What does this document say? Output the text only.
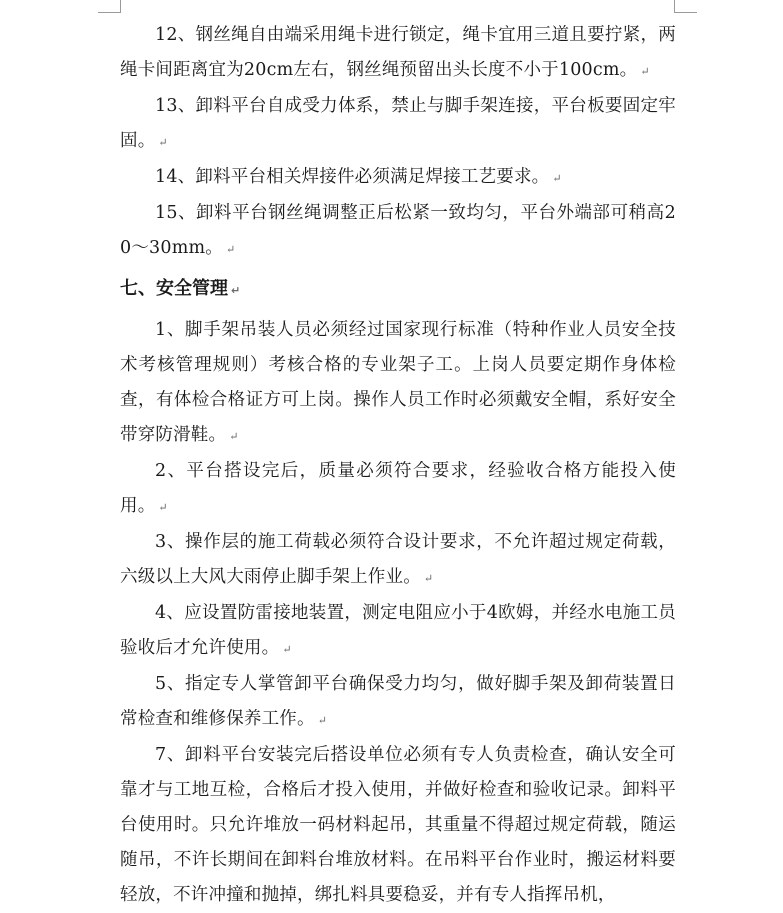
12、钢丝绳自由端采用绳卡进行锁定，绳卡宜用三道且要拧紧，两绳卡间距离宜为20cm左右，钢丝绳预留出头长度不小于100cm。 ↵

13、卸料平台自成受力体系，禁止与脚手架连接，平台板要固定牢固。 ↵

14、卸料平台相关焊接件必须满足焊接工艺要求。 ↵

15、卸料平台钢丝绳调整正后松紧一致均匀，平台外端部可稍高20～30mm。 ↵

七、安全管理 ↵

1、脚手架吊装人员必须经过国家现行标准（特种作业人员安全技术考核管理规则）考核合格的专业架子工。上岗人员要定期作身体检查，有体检合格证方可上岗。操作人员工作时必须戴安全帽，系好安全带穿防滑鞋。 ↵

2、平台搭设完后，质量必须符合要求，经验收合格方能投入使用。 ↵

3、操作层的施工荷载必须符合设计要求，不允许超过规定荷载，六级以上大风大雨停止脚手架上作业。 ↵

4、应设置防雷接地装置，测定电阻应小于4欧姆，并经水电施工员验收后才允许使用。 ↵

5、指定专人掌管卸平台确保受力均匀，做好脚手架及卸荷装置日常检查和维修保养工作。 ↵

7、卸料平台安装完后搭设单位必须有专人负责检查，确认安全可靠才与工地互检，合格后才投入使用，并做好检查和验收记录。卸料平台使用时。只允许堆放一码材料起吊，其重量不得超过规定荷载，随运随吊，不许长期间在卸料台堆放材料。在吊料平台作业时，搬运材料要轻放，不许冲撞和抛掉，绑扎料具要稳妥，并有专人指挥吊机，
